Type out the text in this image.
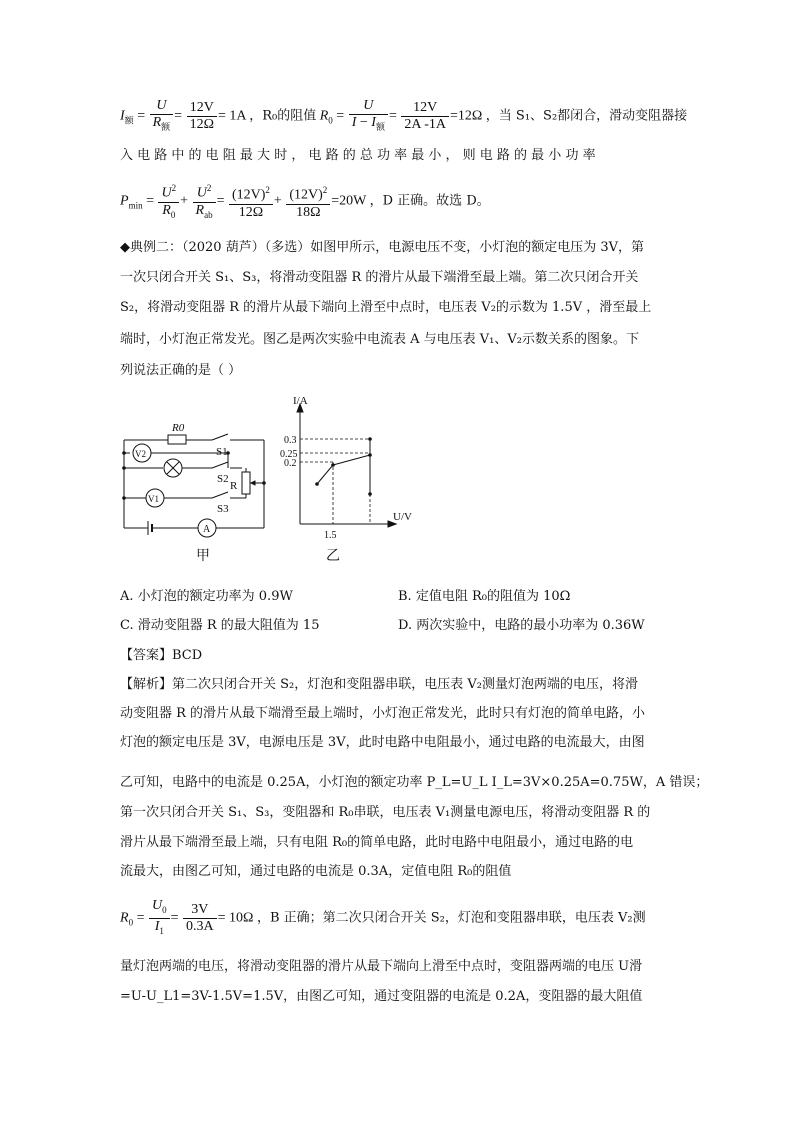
$I_额 = \frac{U}{R_额} = \frac{12V}{12\Omega} = 1A$ ，R₀的阻值 $R_0 = \frac{U}{I - I_额} = \frac{12V}{2A -1A} =12\Omega$ ，当 S₁、S₂都闭合，滑动变阻器接
入 电 路 中 的 电 阻 最 大 时 ， 电 路 的 总 功 率 最 小 ， 则 电 路 的 最 小 功 率
$P_{min} = \frac{U^2}{R_0} + \frac{U^2}{R_{ab}} = \frac{(12V)^2}{12\Omega} + \frac{(12V)^2}{18\Omega} =20W$ ，D 正确。故选 D。
◆典例二：（2020 葫芦）（多选）如图甲所示，电源电压不变，小灯泡的额定电压为 3V，第
一次只闭合开关 S₁、S₃，将滑动变阻器 R 的滑片从最下端滑至最上端。第二次只闭合开关
S₂，将滑动变阻器 R 的滑片从最下端向上滑至中点时，电压表 V₂的示数为 1.5V ，滑至最上
端时，小灯泡正常发光。图乙是两次实验中电流表 A 与电压表 V₁、V₂示数关系的图象。下
列说法正确的是（ ）
R0
S1
S2
S3
R
V2
V1
A
甲
I/A
U/V
0.3
0.25
0.2
1.5
乙
A. 小灯泡的额定功率为 0.9W	B. 定值电阻 R₀的阻值为 10Ω
C. 滑动变阻器 R 的最大阻值为 15	D. 两次实验中，电路的最小功率为 0.36W
【答案】BCD
【解析】第二次只闭合开关 S₂，灯泡和变阻器串联，电压表 V₂测量灯泡两端的电压，将滑
动变阻器 R 的滑片从最下端滑至最上端时，小灯泡正常发光，此时只有灯泡的简单电路，小
灯泡的额定电压是 3V，电源电压是 3V，此时电路中电阻最小，通过电路的电流最大，由图
乙可知，电路中的电流是 0.25A，小灯泡的额定功率 P_L=U_L I_L=3V×0.25A=0.75W，A 错误；
第一次只闭合开关 S₁、S₃，变阻器和 R₀串联，电压表 V₁测量电源电压，将滑动变阻器 R 的
滑片从最下端滑至最上端，只有电阻 R₀的简单电路，此时电路中电阻最小，通过电路的电
流最大，由图乙可知，通过电路的电流是 0.3A，定值电阻 R₀的阻值
$R_0 = \frac{U_0}{I_1} = \frac{3V}{0.3A} = 10\Omega$ ，B 正确；第二次只闭合开关 S₂，灯泡和变阻器串联，电压表 V₂测
量灯泡两端的电压，将滑动变阻器的滑片从最下端向上滑至中点时，变阻器两端的电压 U滑
=U-U_L1=3V-1.5V=1.5V，由图乙可知，通过变阻器的电流是 0.2A，变阻器的最大阻值
